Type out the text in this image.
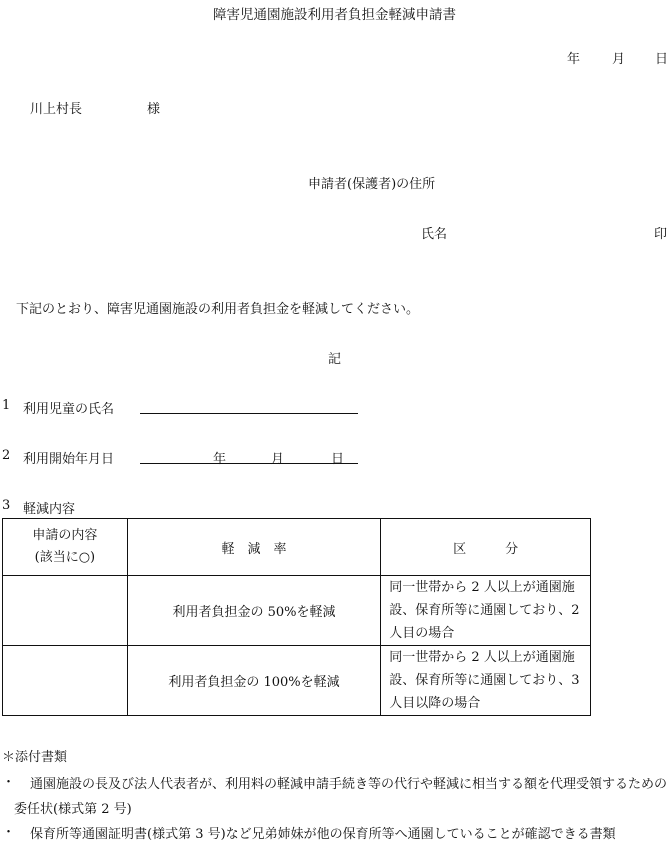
障害児通園施設利用者負担金軽減申請書
年 月 日
川上村長	様
申請者(保護者)の住所
氏名	印
下記のとおり、障害児通園施設の利用者負担金を軽減してください。
記
1 利用児童の氏名
2 利用開始年月日	年	月	日
3 軽減内容
申請の内容
(該当に○)	軽　減　率	区　　　分
	利用者負担金の 50%を軽減	同一世帯から 2 人以上が通園施設、保育所等に通園しており、2 人目の場合
	利用者負担金の 100%を軽減	同一世帯から 2 人以上が通園施設、保育所等に通園しており、3 人目以降の場合
＊添付書類
・	通園施設の長及び法人代表者が、利用料の軽減申請手続き等の代行や軽減に相当する額を代理受領するための委任状(様式第 2 号)
・	保育所等通園証明書(様式第 3 号)など兄弟姉妹が他の保育所等へ通園していることが確認できる書類
